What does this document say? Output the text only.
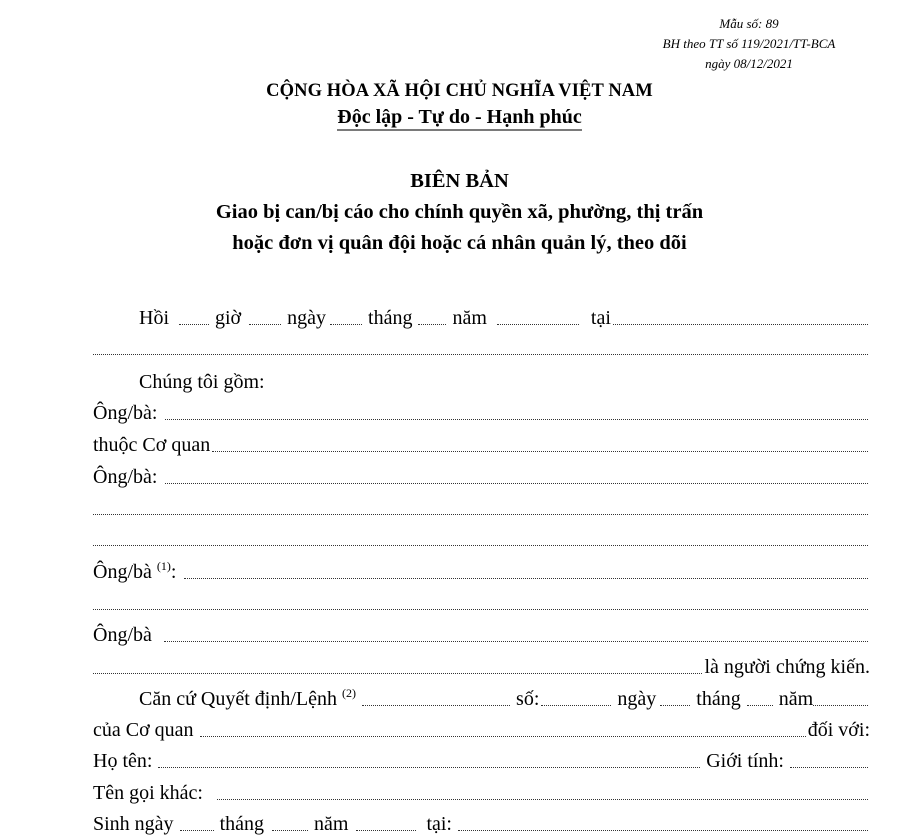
Mẫu số: 89
BH theo TT số 119/2021/TT-BCA
ngày 08/12/2021
CỘNG HÒA XÃ HỘI CHỦ NGHĨA VIỆT NAM
Độc lập - Tự do - Hạnh phúc
BIÊN BẢN
Giao bị can/bị cáo cho chính quyền xã, phường, thị trấn
hoặc đơn vị quân đội hoặc cá nhân quản lý, theo dõi
Hồi giờ ngày tháng năm	tại
Chúng tôi gồm:
Ông/bà:
thuộc Cơ quan
Ông/bà:
Ông/bà $^{(1)}$:
Ông/bà
là người chứng kiến.
Căn cứ Quyết định/Lệnh $^{(2)}$	số:	ngày tháng năm
của Cơ quan	đối với:
Họ tên:	Giới tính:
Tên gọi khác:
Sinh ngày tháng	năm	tại:
